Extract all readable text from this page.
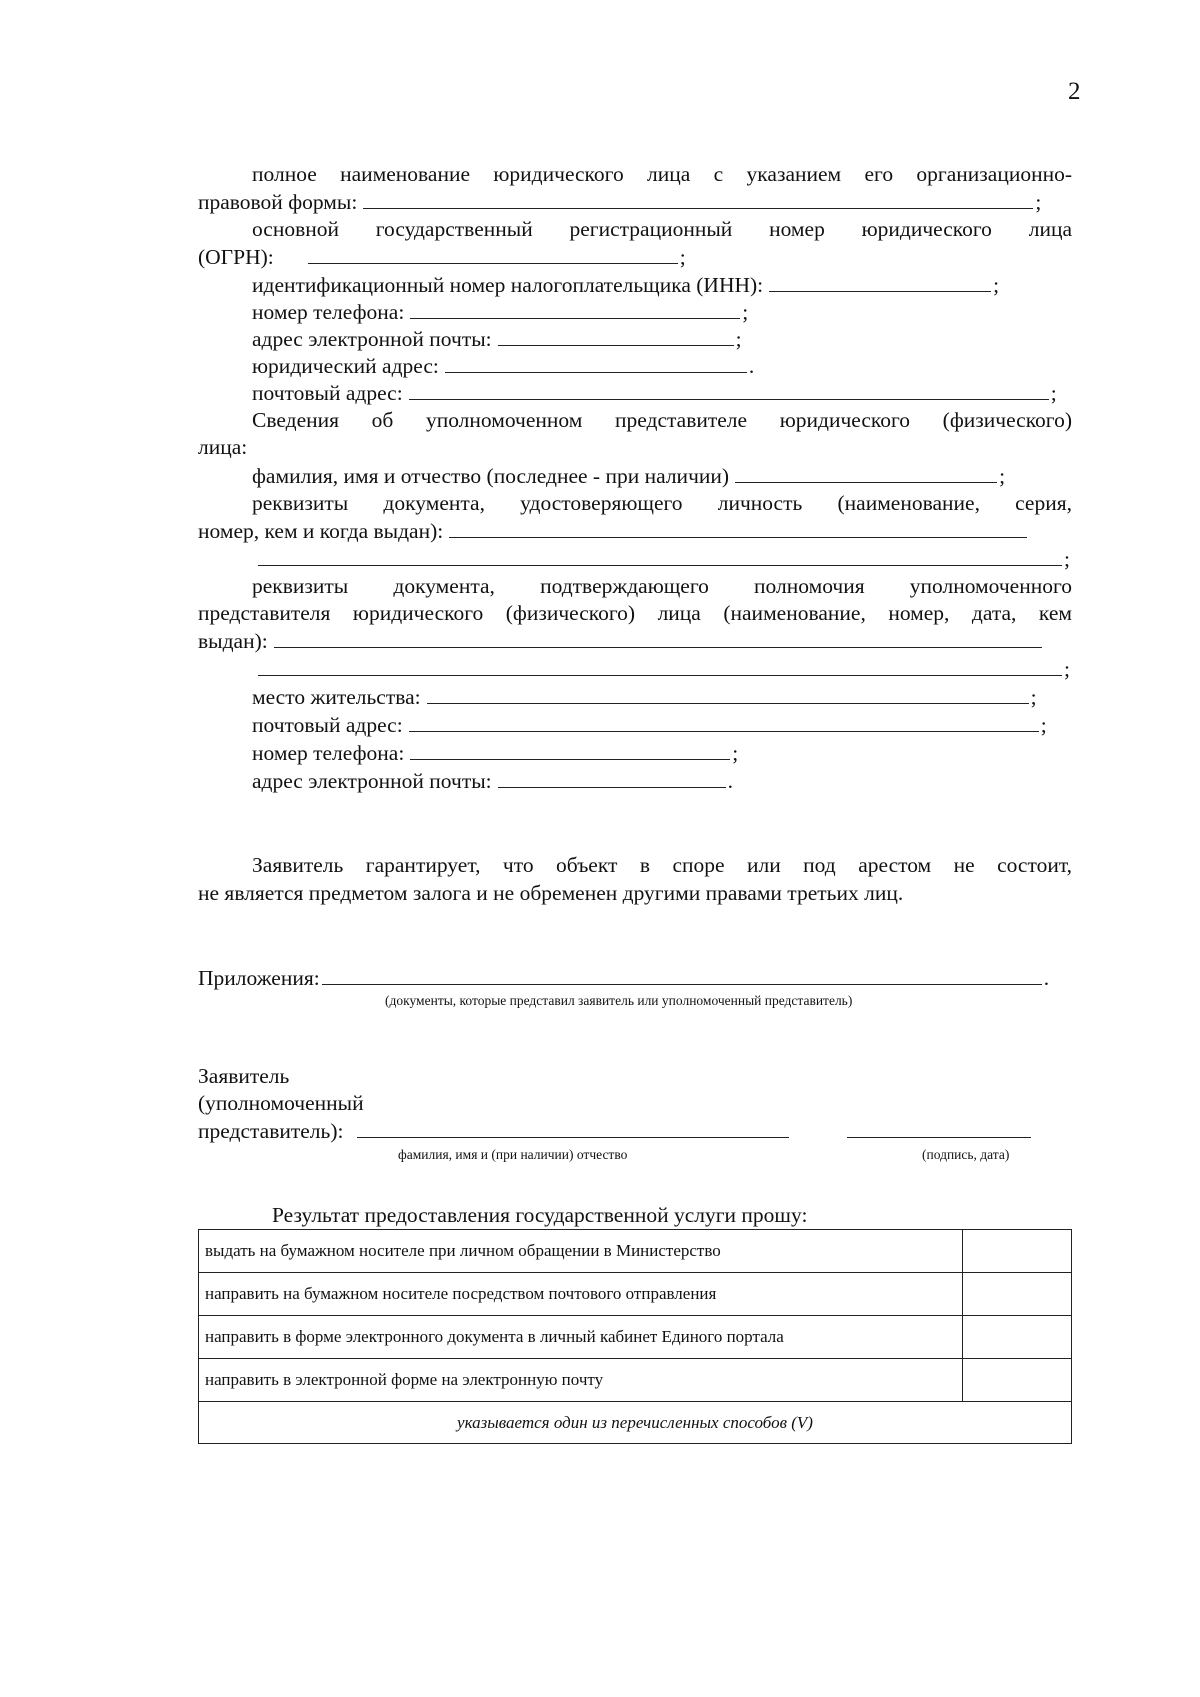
2
полное наименование юридического лица с указанием его организационно-
правовой формы:	;
основной государственный регистрационный номер юридического лица
(ОГРН):	;
идентификационный номер налогоплательщика (ИНН):	;
номер телефона:	;
адрес электронной почты:	;
юридический адрес:	.
почтовый адрес:	;
Сведения об уполномоченном представителе юридического (физического)
лица:
фамилия, имя и отчество (последнее - при наличии)	;
реквизиты документа, удостоверяющего личность (наименование, серия,
номер, кем и когда выдан):
;
реквизиты документа, подтверждающего полномочия уполномоченного
представителя юридического (физического) лица (наименование, номер, дата, кем
выдан):
;
место жительства:	;
почтовый адрес:	;
номер телефона:	;
адрес электронной почты:	.
Заявитель гарантирует, что объект в споре или под арестом не состоит,
не является предметом залога и не обременен другими правами третьих лиц.
Приложения:	.
(документы, которые представил заявитель или уполномоченный представитель)
Заявитель
(уполномоченный
представитель):
фамилия, имя и (при наличии) отчество	(подпись, дата)
Результат предоставления государственной услуги прошу:
выдать на бумажном носителе при личном обращении в Министерство	
направить на бумажном носителе посредством почтового отправления	
направить в форме электронного документа в личный кабинет Единого портала	
направить в электронной форме на электронную почту	
указывается один из перечисленных способов (V)	
